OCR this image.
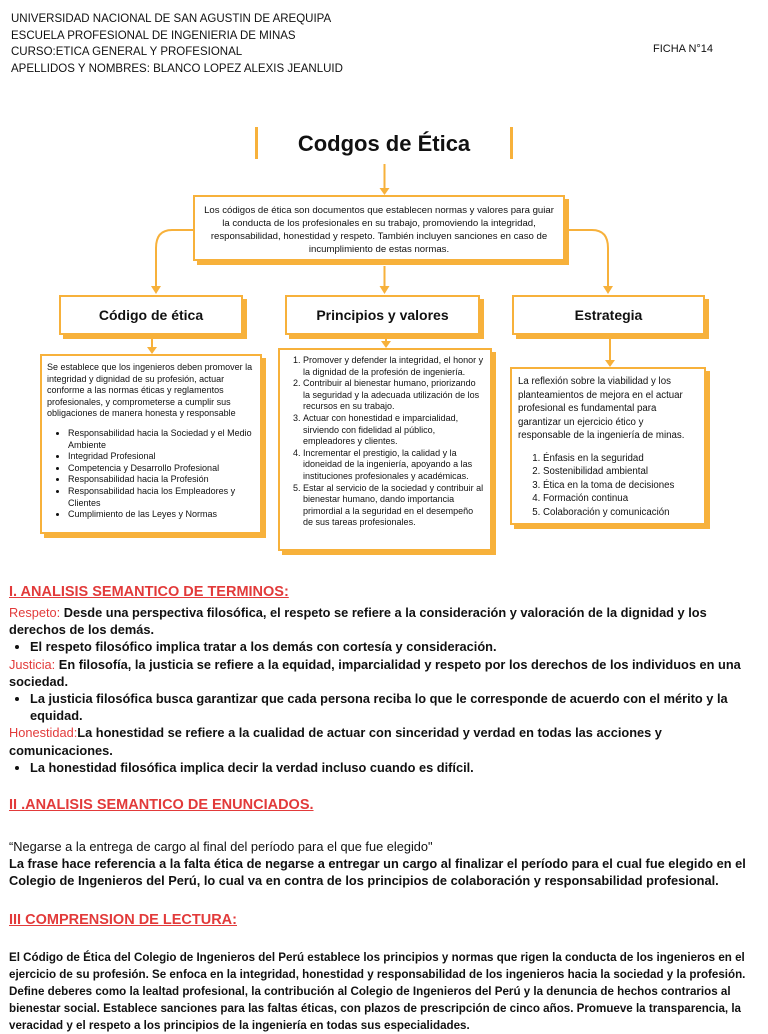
UNIVERSIDAD NACIONAL DE SAN AGUSTIN DE AREQUIPA
ESCUELA PROFESIONAL DE INGENIERIA DE MINAS
CURSO:ETICA GENERAL Y PROFESIONAL
APELLIDOS Y NOMBRES: BLANCO LOPEZ ALEXIS JEANLUID
FICHA N°14
Codgos de Ética
Los códigos de ética son documentos que establecen normas y valores para guiar la conducta de los profesionales en su trabajo, promoviendo la integridad, responsabilidad, honestidad y respeto. También incluyen sanciones en caso de incumplimiento de estas normas.
Código de ética	Principios y valores	Estrategia
Se establece que los ingenieros deben promover la integridad y dignidad de su profesión, actuar conforme a las normas éticas y reglamentos profesionales, y comprometerse a cumplir sus obligaciones de manera honesta y responsable
• Responsabilidad hacia la Sociedad y el Medio Ambiente
• Integridad Profesional
• Competencia y Desarrollo Profesional
• Responsabilidad hacia la Profesión
• Responsabilidad hacia los Empleadores y Clientes
• Cumplimiento de las Leyes y Normas
1. Promover y defender la integridad, el honor y la dignidad de la profesión de ingeniería.
2. Contribuir al bienestar humano, priorizando la seguridad y la adecuada utilización de los recursos en su trabajo.
3. Actuar con honestidad e imparcialidad, sirviendo con fidelidad al público, empleadores y clientes.
4. Incrementar el prestigio, la calidad y la idoneidad de la ingeniería, apoyando a las instituciones profesionales y académicas.
5. Estar al servicio de la sociedad y contribuir al bienestar humano, dando importancia primordial a la seguridad en el desempeño de sus tareas profesionales.
La reflexión sobre la viabilidad y los planteamientos de mejora en el actuar profesional es fundamental para garantizar un ejercicio ético y responsable de la ingeniería de minas.
1. Énfasis en la seguridad
2. Sostenibilidad ambiental
3. Ética en la toma de decisiones
4. Formación continua
5. Colaboración y comunicación
I. ANALISIS SEMANTICO DE TERMINOS:
Respeto: Desde una perspectiva filosófica, el respeto se refiere a la consideración y valoración de la dignidad y los derechos de los demás.
• El respeto filosófico implica tratar a los demás con cortesía y consideración.
Justicia: En filosofía, la justicia se refiere a la equidad, imparcialidad y respeto por los derechos de los individuos en una sociedad.
• La justicia filosófica busca garantizar que cada persona reciba lo que le corresponde de acuerdo con el mérito y la equidad.
Honestidad:La honestidad se refiere a la cualidad de actuar con sinceridad y verdad en todas las acciones y comunicaciones.
• La honestidad filosófica implica decir la verdad incluso cuando es difícil.
II .ANALISIS SEMANTICO DE ENUNCIADOS.
“Negarse a la entrega de cargo al final del período para el que fue elegido"
La frase hace referencia a la falta ética de negarse a entregar un cargo al finalizar el período para el cual fue elegido en el Colegio de Ingenieros del Perú, lo cual va en contra de los principios de colaboración y responsabilidad profesional.
III COMPRENSION DE LECTURA:
El Código de Ética del Colegio de Ingenieros del Perú establece los principios y normas que rigen la conducta de los ingenieros en el ejercicio de su profesión. Se enfoca en la integridad, honestidad y responsabilidad de los ingenieros hacia la sociedad y la profesión. Define deberes como la lealtad profesional, la contribución al Colegio de Ingenieros del Perú y la denuncia de hechos contrarios al bienestar social. Establece sanciones para las faltas éticas, con plazos de prescripción de cinco años. Promueve la transparencia, la veracidad y el respeto a los principios de la ingeniería en todas sus especialidades.
